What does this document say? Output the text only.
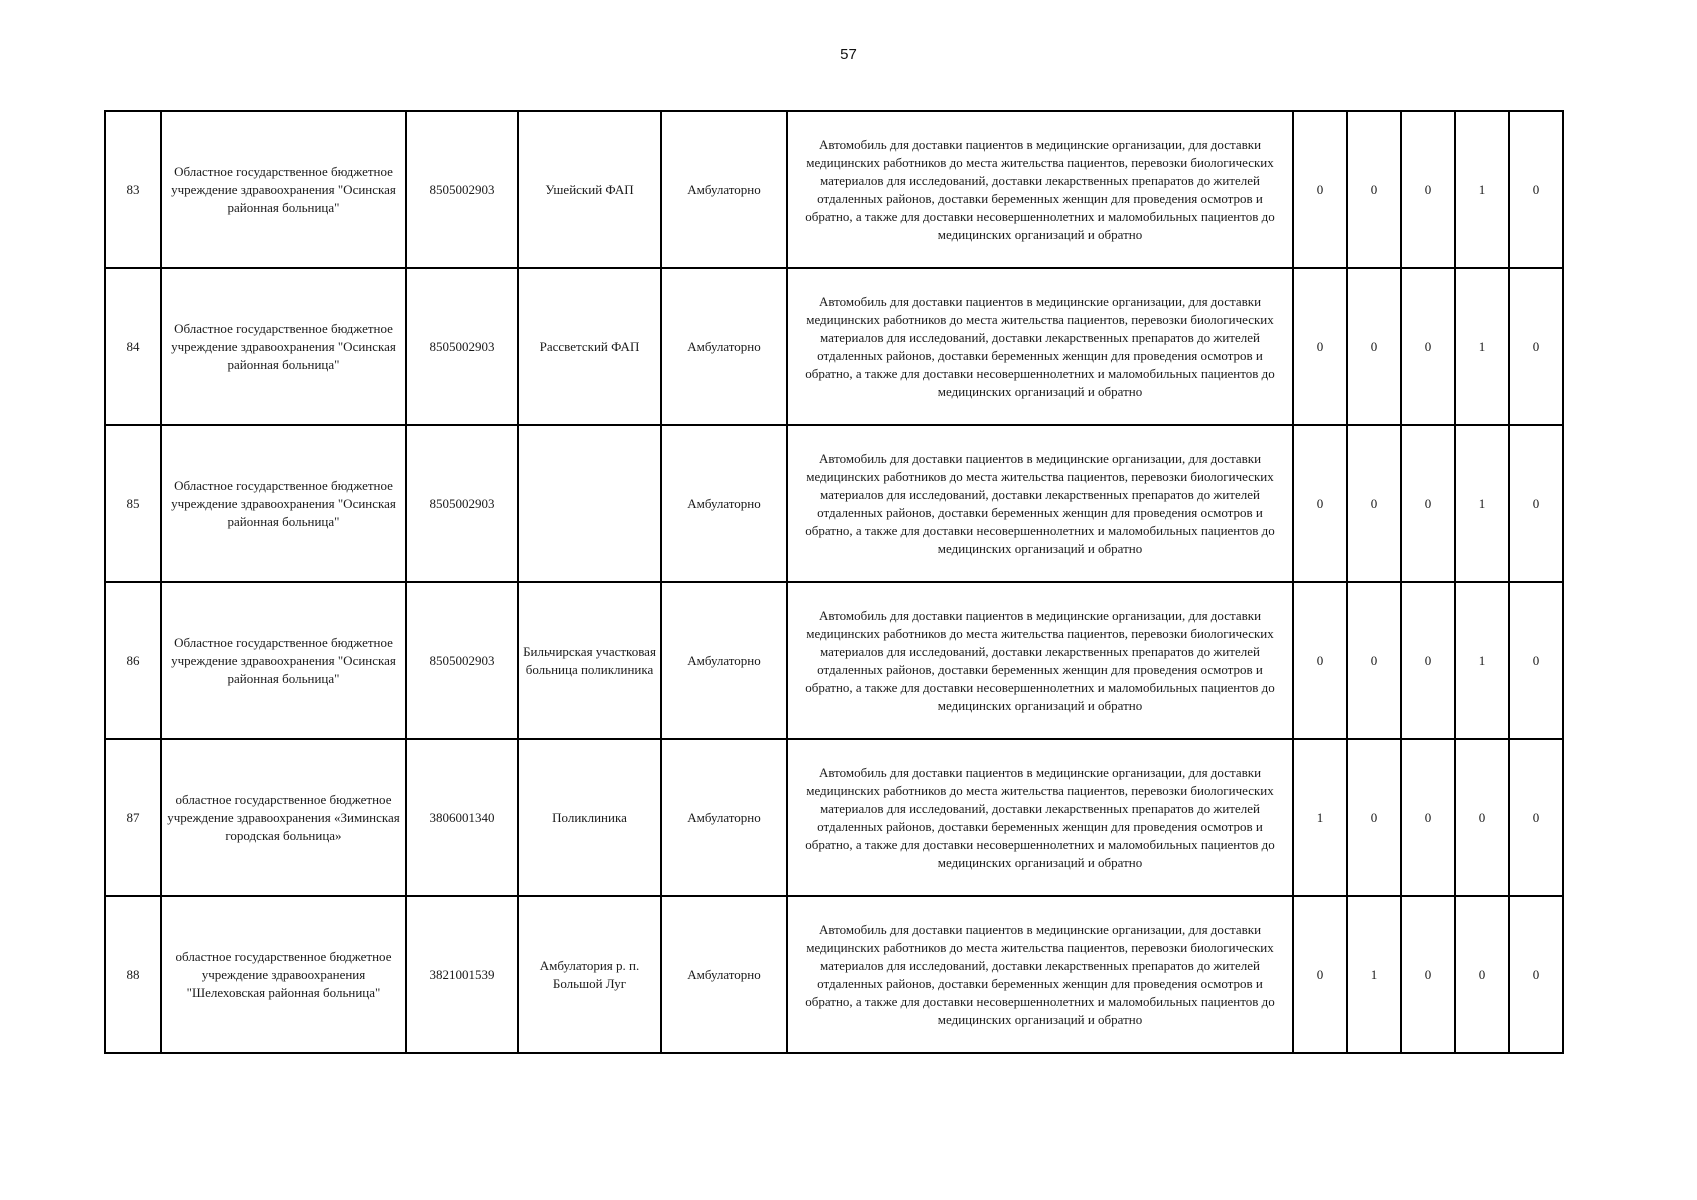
57
83	Областное государственное бюджетное учреждение здравоохранения "Осинская районная больница"	8505002903	Ушейский ФАП	Амбулаторно	Автомобиль для доставки пациентов в медицинские организации, для доставки медицинских работников до места жительства пациентов, перевозки биологических материалов для исследований, доставки лекарственных препаратов до жителей отдаленных районов, доставки беременных женщин для проведения осмотров и обратно, а также для доставки несовершеннолетних и маломобильных пациентов до медицинских организаций и обратно	0	0	0	1	0
84	Областное государственное бюджетное учреждение здравоохранения "Осинская районная больница"	8505002903	Рассветский ФАП	Амбулаторно	Автомобиль для доставки пациентов в медицинские организации, для доставки медицинских работников до места жительства пациентов, перевозки биологических материалов для исследований, доставки лекарственных препаратов до жителей отдаленных районов, доставки беременных женщин для проведения осмотров и обратно, а также для доставки несовершеннолетних и маломобильных пациентов до медицинских организаций и обратно	0	0	0	1	0
85	Областное государственное бюджетное учреждение здравоохранения "Осинская районная больница"	8505002903		Амбулаторно	Автомобиль для доставки пациентов в медицинские организации, для доставки медицинских работников до места жительства пациентов, перевозки биологических материалов для исследований, доставки лекарственных препаратов до жителей отдаленных районов, доставки беременных женщин для проведения осмотров и обратно, а также для доставки несовершеннолетних и маломобильных пациентов до медицинских организаций и обратно	0	0	0	1	0
86	Областное государственное бюджетное учреждение здравоохранения "Осинская районная больница"	8505002903	Бильчирская участковая больница поликлиника	Амбулаторно	Автомобиль для доставки пациентов в медицинские организации, для доставки медицинских работников до места жительства пациентов, перевозки биологических материалов для исследований, доставки лекарственных препаратов до жителей отдаленных районов, доставки беременных женщин для проведения осмотров и обратно, а также для доставки несовершеннолетних и маломобильных пациентов до медицинских организаций и обратно	0	0	0	1	0
87	областное государственное бюджетное учреждение здравоохранения «Зиминская городская больница»	3806001340	Поликлиника	Амбулаторно	Автомобиль для доставки пациентов в медицинские организации, для доставки медицинских работников до места жительства пациентов, перевозки биологических материалов для исследований, доставки лекарственных препаратов до жителей отдаленных районов, доставки беременных женщин для проведения осмотров и обратно, а также для доставки несовершеннолетних и маломобильных пациентов до медицинских организаций и обратно	1	0	0	0	0
88	областное государственное бюджетное учреждение здравоохранения "Шелеховская районная больница"	3821001539	Амбулатория р. п. Большой Луг	Амбулаторно	Автомобиль для доставки пациентов в медицинские организации, для доставки медицинских работников до места жительства пациентов, перевозки биологических материалов для исследований, доставки лекарственных препаратов до жителей отдаленных районов, доставки беременных женщин для проведения осмотров и обратно, а также для доставки несовершеннолетних и маломобильных пациентов до медицинских организаций и обратно	0	1	0	0	0
